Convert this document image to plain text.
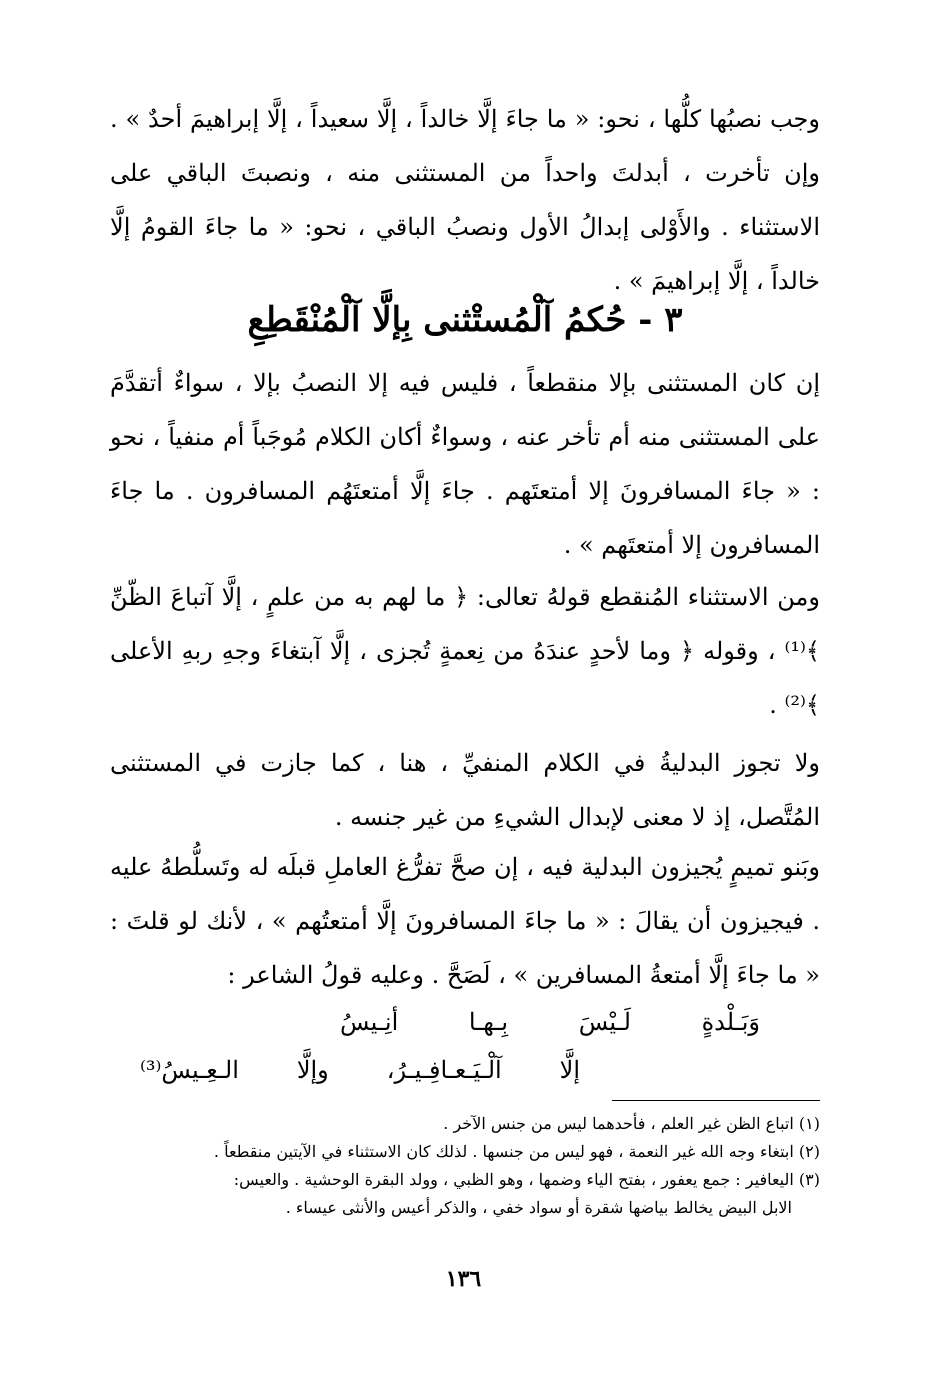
وجب نصبُها كلُّها ، نحو: « ما جاءَ إلَّا خالداً ، إلَّا سعيداً ، إلَّا إبراهيمَ أحدٌ » . وإن تأخرت ، أبدلتَ واحداً من المستثنى منه ، ونصبتَ الباقي على الاستثناء . والأَوْلى إبدالُ الأول ونصبُ الباقي ، نحو: « ما جاءَ القومُ إلَّا خالداً ، إلَّا إبراهيمَ » .
٣ - حُكمُ آلْمُستْثنى بِإلَّا آلْمُنْقَطِعِ
إن كان المستثنى بإلا منقطعاً ، فليس فيه إلا النصبُ بإلا ، سواءٌ أتقدَّمَ على المستثنى منه أم تأخر عنه ، وسواءٌ أكان الكلام مُوجَباً أم منفياً ، نحو : « جاءَ المسافرونَ إلا أمتعتَهم . جاءَ إلَّا أمتعتَهُم المسافرون . ما جاءَ المسافرون إلا أمتعتَهم » .
ومن الاستثناء المُنقطع قولهُ تعالى: ﴿ ما لهم به من علمٍ ، إلَّا آتباعَ الظّنِّ ﴾⁽¹⁾ ، وقوله ﴿ وما لأحدٍ عندَهُ من نِعمةٍ تُجزى ، إلَّا آبتغاءَ وجهِ ربهِ الأعلى ﴾⁽²⁾ .
ولا تجوز البدليةُ في الكلام المنفيِّ ، هنا ، كما جازت في المستثنى المُتَّصل، إذ لا معنى لإبدال الشيءِ من غير جنسه .
وبَنو تميمٍ يُجيزون البدلية فيه ، إن صحَّ تفرُّغ العاملِ قبلَه له وتَسلُّطهُ عليه . فيجيزون أن يقالَ : « ما جاءَ المسافرونَ إلَّا أمتعتُهم » ، لأنك لو قلتَ : « ما جاءَ إلَّا أمتعةُ المسافرين » ، لَصَحَّ . وعليه قولُ الشاعر :
وَبَـلْدةٍ
لَـيْسَ
بِـهـا
أنِـيسُ
إلَّا
آلْـيَـعـافِـيـرُ،
وإلَّا
الـعِـيسُ⁽³⁾
(١) اتباع الظن غير العلم ، فأحدهما ليس من جنس الآخر .
(٢) ابتغاء وجه الله غير النعمة ، فهو ليس من جنسها . لذلك كان الاستثناء في الآيتين منقطعاً .
(٣) اليعافير : جمع يعفور ، بفتح الياء وضمها ، وهو الظبي ، وولد البقرة الوحشية . والعيس:
الابل البيض يخالط بياضها شقرة أو سواد خفي ، والذكر أعيس والأنثى عيساء .
١٣٦
